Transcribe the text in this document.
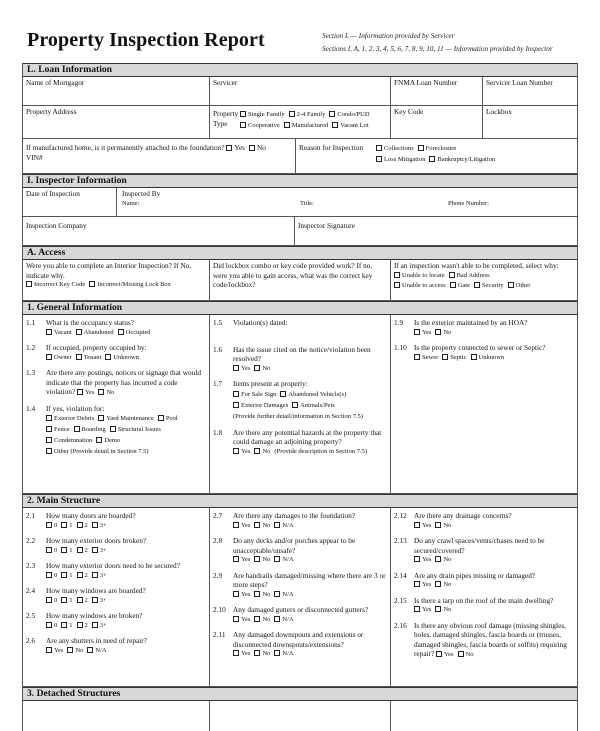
Property Inspection Report	Section L — Information provided by Servicer
Sections I, A, 1, 2, 3, 4, 5, 6, 7, 8, 9, 10, 11 — Information provided by Inspector
L. Loan Information
Name of Mortgagor	Servicer	FNMA Loan Number	Servicer Loan Number
Property Address	Property Type
Single Family 2-4 Family Condo/PUD
Cooperative Manufactured Vacant Lot
Key Code	Lockbox
If manufactured home, is it permanently attached to the foundation? Yes No
VIN#
Reason for Inspection	Collections Foreclosure
Loss Mitigation Bankruptcy/Litigation
I. Inspector Information
Date of Inspection	Inspected By
Name:	Title:	Phone Number:
Inspection Company	Inspector Signature
A. Access
Were you able to complete an Interior Inspection? If No, indicate why.
Incorrect Key Code Incorrect/Missing Lock Box
Did lockbox combo or key code provided work? If no, were you able to gain access, what was the correct key code/lockbox?
If an inspection wasn't able to be completed, select why:
Unable to locate Bad Address
Unable to access Gate Security Other
1. General Information
1.1	What is the occupancy status?
Vacant Abandoned Occupied
1.2	If occupied, property occupied by:
Owner Tenant Unknown
1.3	Are there any postings, notices or signage that would indicate that the property has incurred a code violation? Yes No
1.4	If yes, violation for:
Exterior Debris Yard Maintenance Pool
Fence Boarding Structural Issues
Condemnation Demo
Other (Provide detail in Section 7.5)
1.5	Violation(s) dated:
1.6	Has the issue cited on the notice/violation been resolved?
Yes No
1.7	Items present at property:
For Sale Sign Abandoned Vehicle(s)
Exterior Damages Animals/Pets
(Provide further detail/information in Section 7.5)
1.8	Are there any potential hazards at the property that could damage an adjoining property?
Yes No (Provide description in Section 7.5)
1.9	Is the exterior maintained by an HOA?
Yes No
1.10 Is the property connected to sewer or Septic?
Sewer Septic Unknown
2. Main Structure
2.1	How many doors are boarded?
0 1 2 3+
2.2	How many exterior doors broken?
0 1 2 3+
2.3	How many exterior doors need to be secured?
0 1 2 3+
2.4	How many windows are boarded?
0 1 2 3+
2.5	How many windows are broken?
0 1 2 3+
2.6	Are any shutters in need of repair?
Yes No N/A
2.7	Are there any damages to the foundation?
Yes No N/A
2.8	Do any decks and/or porches appear to be unacceptable/unsafe?
Yes No N/A
2.9	Are handrails damaged/missing where there are 3 or more steps?
Yes No N/A
2.10 Any damaged gutters or disconnected gutters?
Yes No N/A
2.11	Any damaged downspouts and extensions or disconnected downspouts/extensions?
Yes No N/A
2.12 Are there any drainage concerns?
Yes No
2.13 Do any crawl spaces/vents/chases need to be secured/covered?
Yes No
2.14 Are any drain pipes missing or damaged?
Yes No
2.15 Is there a tarp on the roof of the main dwelling?
Yes No
2.16 Is there any obvious roof damage (missing shingles, holes, damaged shingles, fascia boards or (trusses, damaged shingles, fascia boards or soffits) requiring repair? Yes No
3. Detached Structures
